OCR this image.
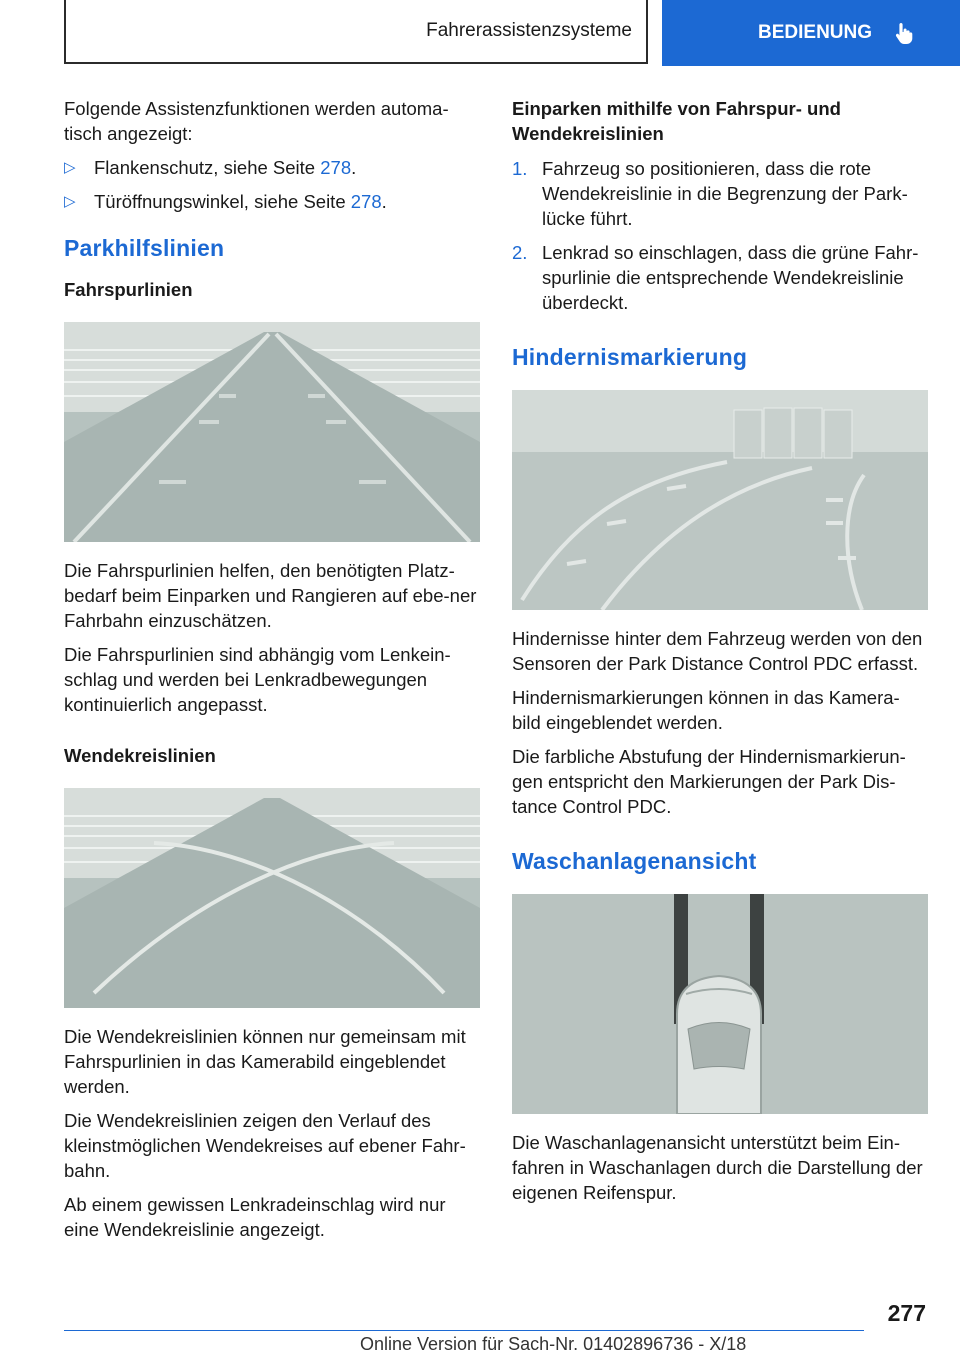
Fahrerassistenzsysteme	BEDIENUNG

Folgende Assistenzfunktionen werden automa-tisch angezeigt:

▷ Flankenschutz, siehe Seite 278.
▷ Türöffnungswinkel, siehe Seite 278.
Parkhilfslinien
Fahrspurlinien

Die Fahrspurlinien helfen, den benötigten Platz-bedarf beim Einparken und Rangieren auf ebe-ner Fahrbahn einzuschätzen.

Die Fahrspurlinien sind abhängig vom Lenkein-schlag und werden bei Lenkradbewegungen kontinuierlich angepasst.

Wendekreislinien

Die Wendekreislinien können nur gemeinsam mit Fahrspurlinien in das Kamerabild eingeblendet werden.

Die Wendekreislinien zeigen den Verlauf des kleinstmöglichen Wendekreises auf ebener Fahr-bahn.

Ab einem gewissen Lenkradeinschlag wird nur eine Wendekreislinie angezeigt.

Einparken mithilfe von Fahrspur- und Wendekreislinien
1. Fahrzeug so positionieren, dass die rote Wendekreislinie in die Begrenzung der Park-lücke führt.
2. Lenkrad so einschlagen, dass die grüne Fahr-spurlinie die entsprechende Wendekreislinie überdeckt.
Hindernismarkierung

Hindernisse hinter dem Fahrzeug werden von den Sensoren der Park Distance Control PDC erfasst.

Hindernismarkierungen können in das Kamera-bild eingeblendet werden.

Die farbliche Abstufung der Hindernismarkierun-gen entspricht den Markierungen der Park Dis-tance Control PDC.

Waschanlagenansicht

Die Waschanlagenansicht unterstützt beim Ein-fahren in Waschanlagen durch die Darstellung der eigenen Reifenspur.

277
Online Version für Sach-Nr. 01402896736 - X/18
